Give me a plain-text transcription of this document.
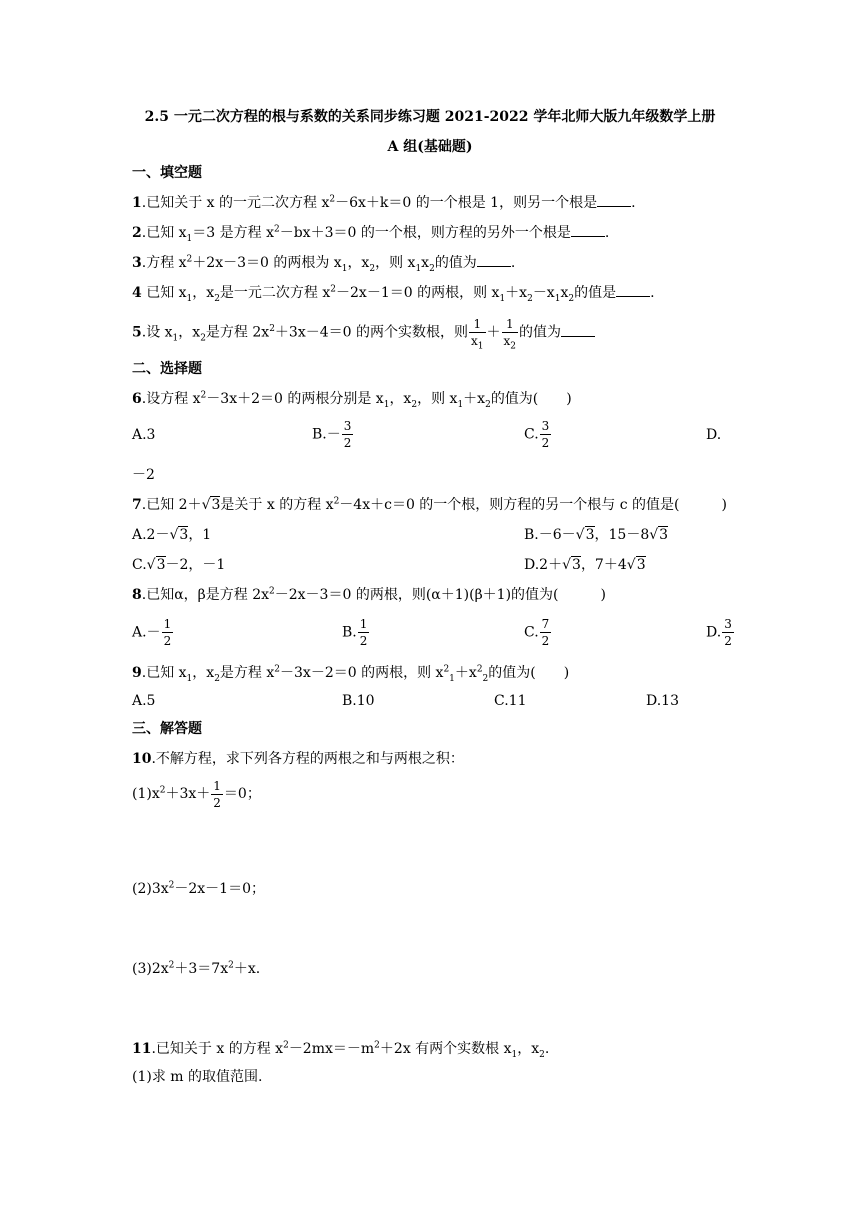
2.5 一元二次方程的根与系数的关系同步练习题 2021-2022 学年北师大版九年级数学上册
A 组(基础题)
一、填空题
1.已知关于 x 的一元二次方程 $x^2-6x+k=0$ 的一个根是 1，则另一个根是 .
2.已知 $x_1=3$ 是方程 $x^2-bx+3=0$ 的一个根，则方程的另外一个根是 .
3.方程 $x^2+2x-3=0$ 的两根为 $x_1$，$x_2$，则 $x_1x_2$的值为 .
4 已知 $x_1$，$x_2$是一元二次方程 $x^2-2x-1=0$ 的两根，则 $x_1+x_2-x_1x_2$的值是 .
5.设 $x_1$，$x_2$是方程 $2x^2+3x-4=0$ 的两个实数根，则 $\frac{1}{x_1} + \frac{1}{x_2}$ 的值为
二、选择题
6.设方程 $x^2-3x+2=0$ 的两根分别是 $x_1$，$x_2$，则 $x_1+x_2$的值为(　　)
A.3	$B.- \frac{3}{2}$	C. $\frac{3}{2}$	D.
－2
7.已知 2＋ √ 3是关于 x 的方程 $x^2-4x+c=0$ 的一个根，则方程的另一个根与 c 的值是(　　　)
A.2－ √ 3，1	B.－6－ √ 3，15－8 √ 3
C. √ 3－2，－1	D.2＋ √ 3，7＋4 √ 3
8.已知α，β是方程 $2x^2-2x-3=0$ 的两根，则(α＋1)(β＋1)的值为(　　　)
$A.- \frac{1}{2}$	B. $\frac{1}{2}$	C. $\frac{7}{2}$	D. $\frac{3}{2}$
9.已知 $x_1$，$x_2$是方程 $x^2-3x-2=0$ 的两根，则 $x^2_1+x^2_2$的值为(　　)
A.5	B.10	C.11	D.13
三、解答题
10.不解方程，求下列各方程的两根之和与两根之积：
$(1)x^2+3x+ \frac{1}{2} =0$；
$(2)3x^2-2x-1=0$；
$(3)2x^2+3=7x^2+x$.
11.已知关于 x 的方程 $x^2-2mx=-m^2+2x$ 有两个实数根 $x_1$，$x_2$.
(1)求 m 的取值范围.
